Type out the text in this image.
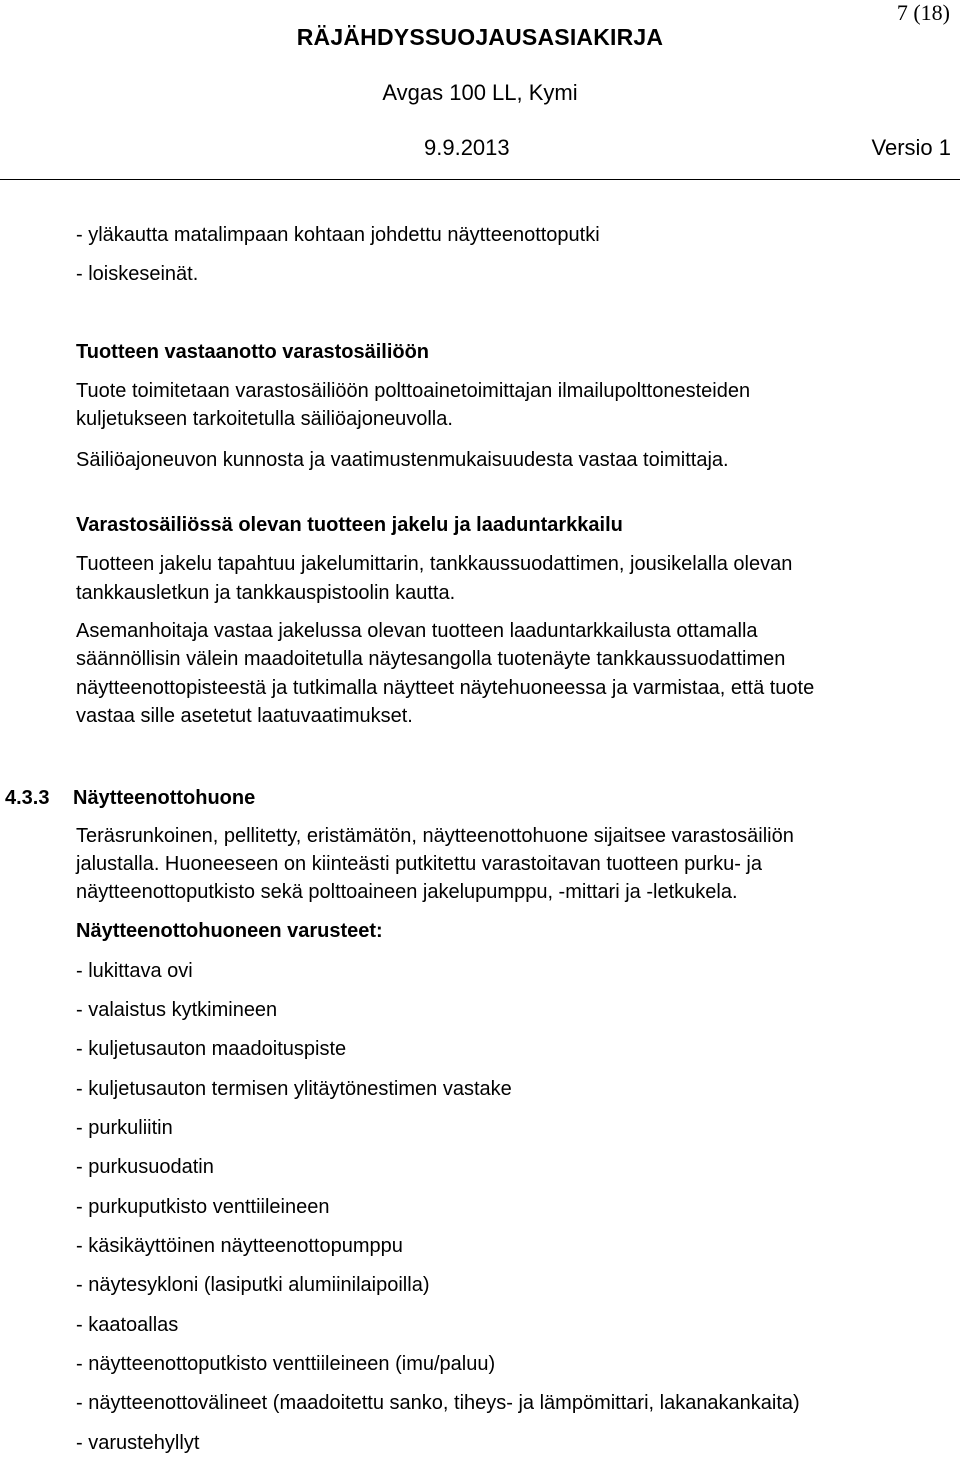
7 (18)
RÄJÄHDYSSUOJAUSASIAKIRJA
Avgas 100 LL, Kymi
9.9.2013	Versio 1
- yläkautta matalimpaan kohtaan johdettu näytteenottoputki
- loiskeseinät.
Tuotteen vastaanotto varastosäiliöön
Tuote toimitetaan varastosäiliöön polttoainetoimittajan ilmailupolttonesteiden
kuljetukseen tarkoitetulla säiliöajoneuvolla.
Säiliöajoneuvon kunnosta ja vaatimustenmukaisuudesta vastaa toimittaja.
Varastosäiliössä olevan tuotteen jakelu ja laaduntarkkailu
Tuotteen jakelu tapahtuu jakelumittarin, tankkaussuodattimen, jousikelalla olevan
tankkausletkun ja tankkauspistoolin kautta.
Asemanhoitaja vastaa jakelussa olevan tuotteen laaduntarkkailusta ottamalla
säännöllisin välein maadoitetulla näytesangolla tuotenäyte tankkaussuodattimen
näytteenottopisteestä ja tutkimalla näytteet näytehuoneessa ja varmistaa, että tuote
vastaa sille asetetut laatuvaatimukset.
4.3.3 Näytteenottohuone
Teräsrunkoinen, pellitetty, eristämätön, näytteenottohuone sijaitsee varastosäiliön
jalustalla. Huoneeseen on kiinteästi putkitettu varastoitavan tuotteen purku- ja
näytteenottoputkisto sekä polttoaineen jakelupumppu, -mittari ja -letkukela.
Näytteenottohuoneen varusteet:
- lukittava ovi
- valaistus kytkimineen
- kuljetusauton maadoituspiste
- kuljetusauton termisen ylitäytönestimen vastake
- purkuliitin
- purkusuodatin
- purkuputkisto venttiileineen
- käsikäyttöinen näytteenottopumppu
- näytesykloni (lasiputki alumiinilaipoilla)
- kaatoallas
- näytteenottoputkisto venttiileineen (imu/paluu)
- näytteenottovälineet (maadoitettu sanko, tiheys- ja lämpömittari, lakanakankaita)
- varustehyllyt
